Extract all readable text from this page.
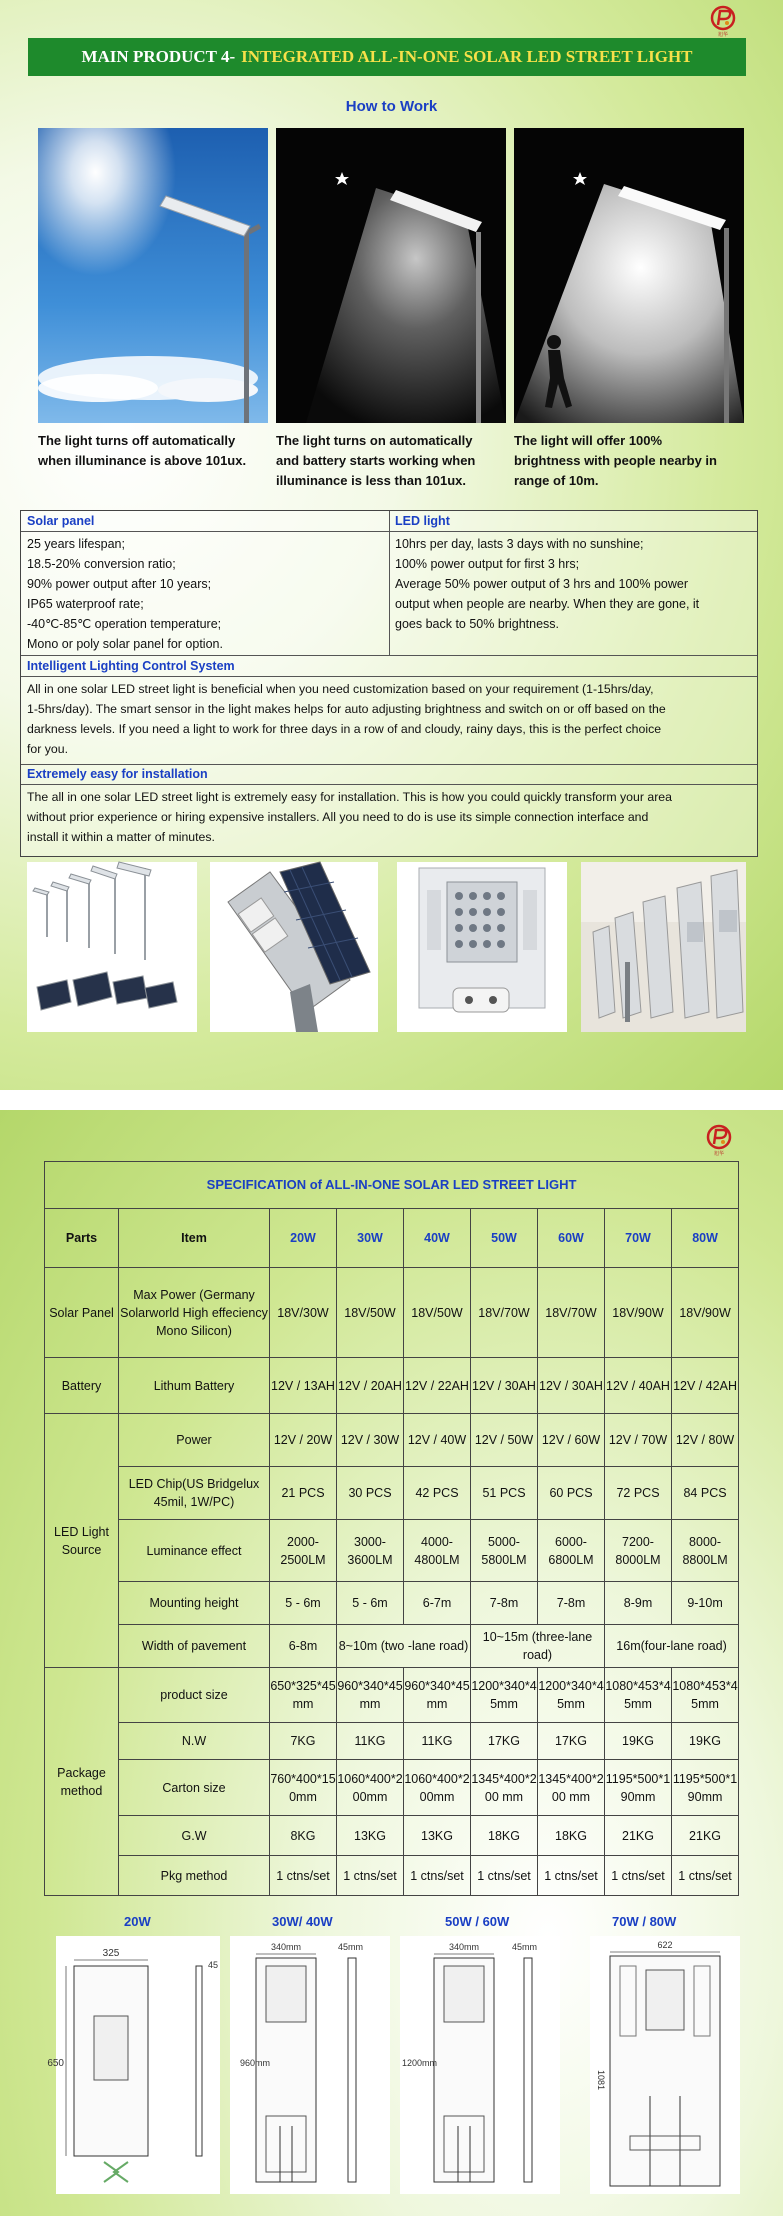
旭华
MAIN PRODUCT 4- INTEGRATED ALL-IN-ONE SOLAR LED STREET LIGHT
How to Work
The light turns off automatically
when illuminance is above 101ux.
The light turns on automatically
and battery starts working when
illuminance is less than 101ux.
The light will offer 100%
brightness with people nearby in
range of 10m.
Solar panel
25 years lifespan;
18.5-20% conversion ratio;
90% power output after 10 years;
IP65 waterproof rate;
-40℃-85℃ operation temperature;
Mono or poly solar panel for option.
LED light
10hrs per day, lasts 3 days with no sunshine;
100% power output for first 3 hrs;
Average 50% power output of 3 hrs and 100% power
output when people are nearby. When they are gone, it
goes back to 50% brightness.
Intelligent Lighting Control System
All in one solar LED street light is beneficial when you need customization based on your requirement (1-15hrs/day,
1-5hrs/day). The smart sensor in the light makes helps for auto adjusting brightness and switch on or off based on the
darkness levels. If you need a light to work for three days in a row of and cloudy, rainy days, this is the perfect choice
for you.
Extremely easy for installation
The all in one solar LED street light is extremely easy for installation. This is how you could quickly transform your area
without prior experience or hiring expensive installers. All you need to do is use its simple connection interface and
install it within a matter of minutes.
旭华
SPECIFICATION of ALL-IN-ONE SOLAR LED STREET LIGHT								
Parts	Item	20W	30W	40W	50W	60W	70W	80W
Solar Panel	Max Power (Germany Solarworld High effeciency Mono Silicon)	18V/30W	18V/50W	18V/50W	18V/70W	18V/70W	18V/90W	18V/90W
Battery	Lithum Battery	12V / 13AH	12V / 20AH	12V / 22AH	12V / 30AH	12V / 30AH	12V / 40AH	12V / 42AH
LED Light Source	Power	12V / 20W	12V / 30W	12V / 40W	12V / 50W	12V / 60W	12V / 70W	12V / 80W
	LED Chip(US Bridgelux 45mil, 1W/PC)	21 PCS	30 PCS	42 PCS	51 PCS	60 PCS	72 PCS	84 PCS
	Luminance effect	2000-2500LM	3000-3600LM	4000-4800LM	5000-5800LM	6000-6800LM	7200-8000LM	8000-8800LM
	Mounting height	5 - 6m	5 - 6m	6-7m	7-8m	7-8m	8-9m	9-10m
	Width of pavement	6-8m	8~10m (two -lane road)		10~15m (three-lane road)		16m(four-lane road)	
Package method	product size	650*325*45mm	960*340*45mm	960*340*45mm	1200*340*45mm	1200*340*45mm	1080*453*45mm	1080*453*45mm
	N.W	7KG	11KG	11KG	17KG	17KG	19KG	19KG
	Carton size	760*400*150mm	1060*400*200mm	1060*400*200mm	1345*400*200 mm	1345*400*200 mm	1195*500*190mm	1195*500*190mm
	G.W	8KG	13KG	13KG	18KG	18KG	21KG	21KG
	Pkg method	1 ctns/set	1 ctns/set	1 ctns/set	1 ctns/set	1 ctns/set	1 ctns/set	1 ctns/set
20W	30W/ 40W	50W / 60W	70W / 80W
325
650
45
340mm
960mm
45mm	340mm
1200mm
45mm	622
1081
